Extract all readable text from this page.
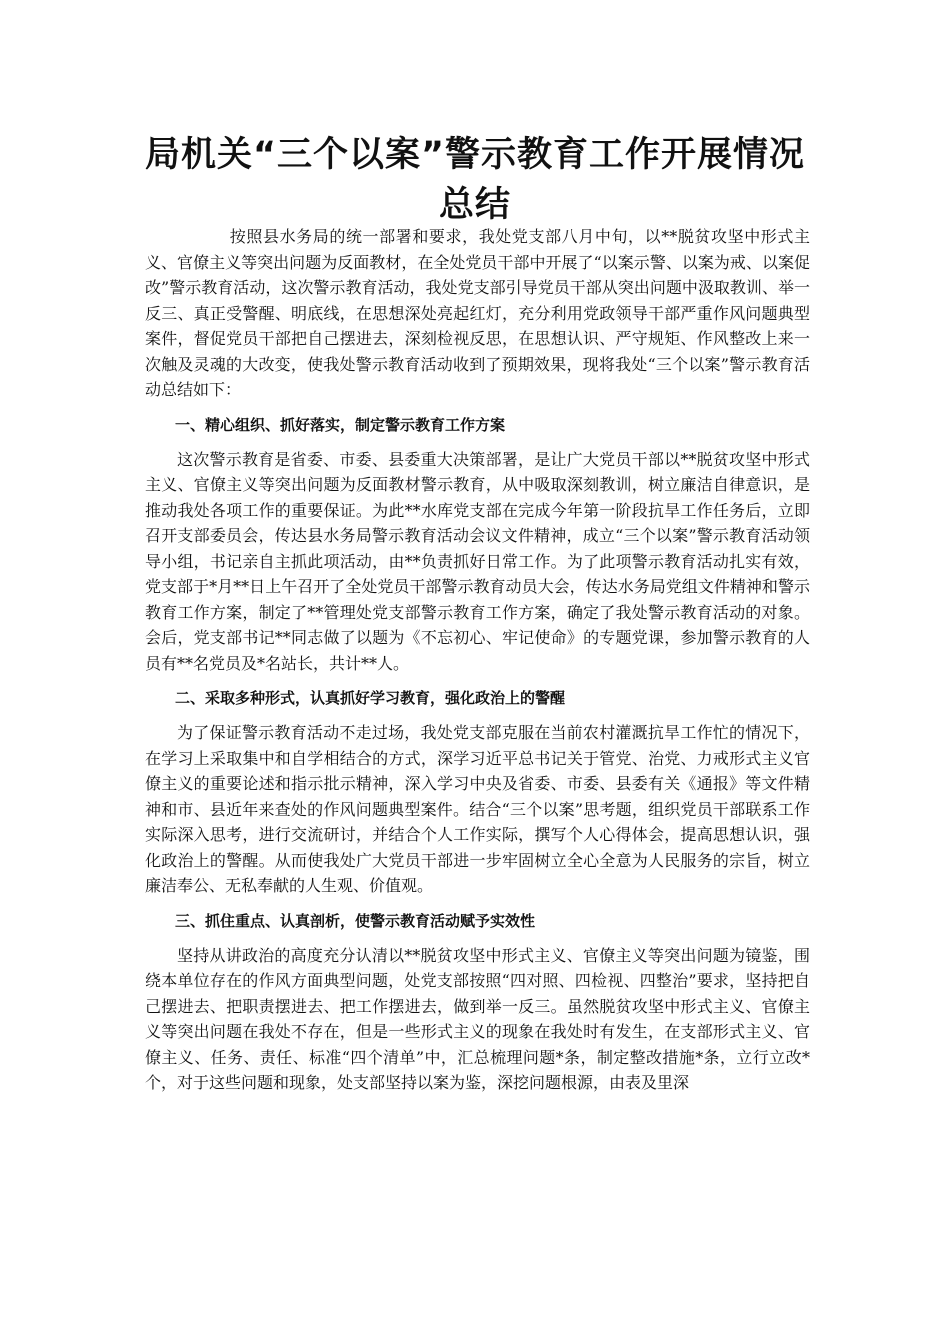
局机关“三个以案”警示教育工作开展情况总结

按照县水务局的统一部署和要求，我处党支部八月中旬，以**脱贫攻坚中形式主义、官僚主义等突出问题为反面教材，在全处党员干部中开展了“以案示警、以案为戒、以案促改”警示教育活动，这次警示教育活动，我处党支部引导党员干部从突出问题中汲取教训、举一反三、真正受警醒、明底线，在思想深处亮起红灯，充分利用党政领导干部严重作风问题典型案件，督促党员干部把自己摆进去，深刻检视反思，在思想认识、严守规矩、作风整改上来一次触及灵魂的大改变，使我处警示教育活动收到了预期效果，现将我处“三个以案”警示教育活动总结如下：

一、精心组织、抓好落实，制定警示教育工作方案

这次警示教育是省委、市委、县委重大决策部署，是让广大党员干部以**脱贫攻坚中形式主义、官僚主义等突出问题为反面教材警示教育，从中吸取深刻教训，树立廉洁自律意识，是推动我处各项工作的重要保证。为此**水库党支部在完成今年第一阶段抗旱工作任务后，立即召开支部委员会，传达县水务局警示教育活动会议文件精神，成立“三个以案”警示教育活动领导小组，书记亲自主抓此项活动，由**负责抓好日常工作。为了此项警示教育活动扎实有效，党支部于*月**日上午召开了全处党员干部警示教育动员大会，传达水务局党组文件精神和警示教育工作方案，制定了**管理处党支部警示教育工作方案，确定了我处警示教育活动的对象。会后，党支部书记**同志做了以题为《不忘初心、牢记使命》的专题党课，参加警示教育的人员有**名党员及*名站长，共计**人。

二、采取多种形式，认真抓好学习教育，强化政治上的警醒

为了保证警示教育活动不走过场，我处党支部克服在当前农村灌溉抗旱工作忙的情况下，在学习上采取集中和自学相结合的方式，深学习近平总书记关于管党、治党、力戒形式主义官僚主义的重要论述和指示批示精神，深入学习中央及省委、市委、县委有关《通报》等文件精神和市、县近年来查处的作风问题典型案件。结合“三个以案”思考题，组织党员干部联系工作实际深入思考，进行交流研讨，并结合个人工作实际，撰写个人心得体会，提高思想认识，强化政治上的警醒。从而使我处广大党员干部进一步牢固树立全心全意为人民服务的宗旨，树立廉洁奉公、无私奉献的人生观、价值观。

三、抓住重点、认真剖析，使警示教育活动赋予实效性

坚持从讲政治的高度充分认清以**脱贫攻坚中形式主义、官僚主义等突出问题为镜鉴，围绕本单位存在的作风方面典型问题，处党支部按照“四对照、四检视、四整治”要求，坚持把自己摆进去、把职责摆进去、把工作摆进去，做到举一反三。虽然脱贫攻坚中形式主义、官僚主义等突出问题在我处不存在，但是一些形式主义的现象在我处时有发生，在支部形式主义、官僚主义、任务、责任、标准“四个清单”中，汇总梳理问题*条，制定整改措施*条，立行立改*个，对于这些问题和现象，处支部坚持以案为鉴，深挖问题根源，由表及里深
